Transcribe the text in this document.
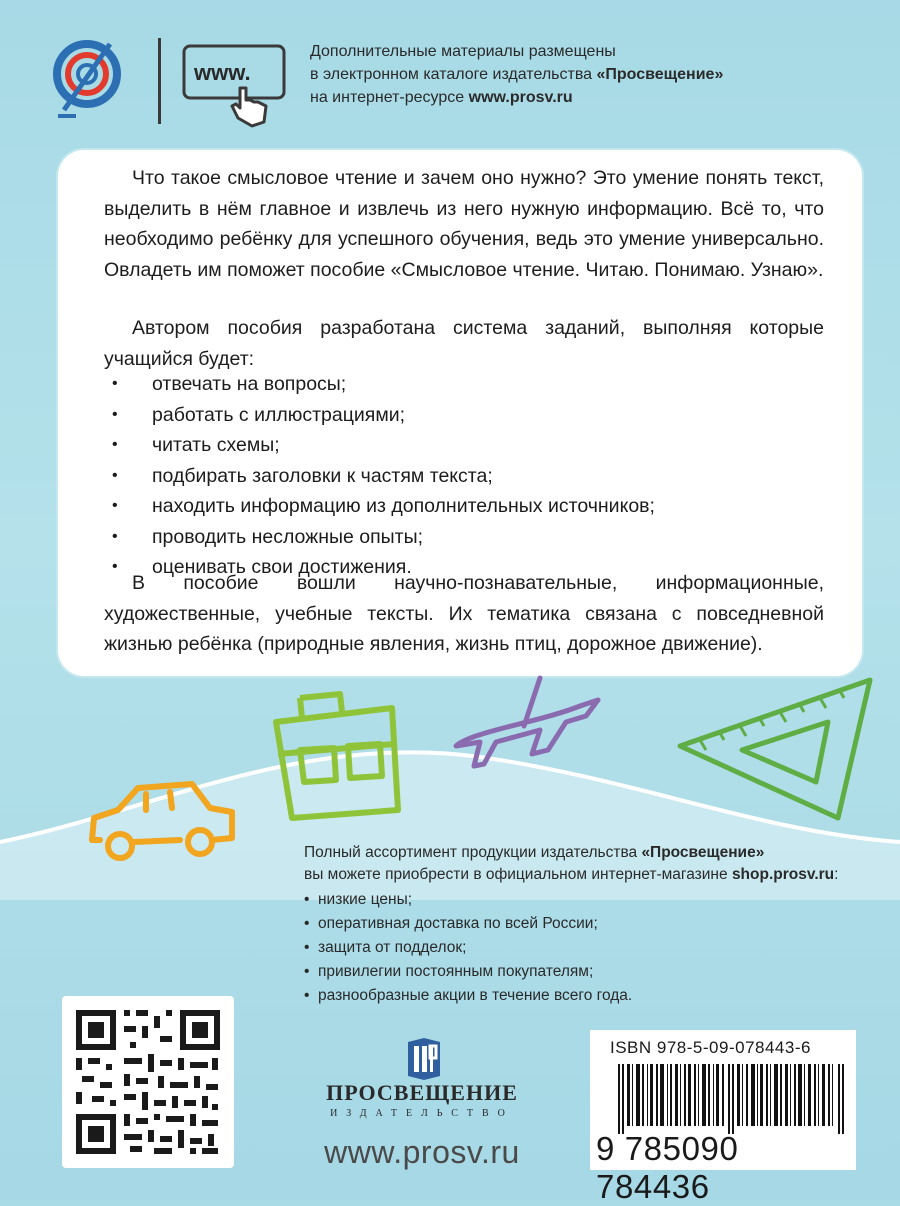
www.
Дополнительные материалы размещены
в электронном каталоге издательства «Просвещение»
на интернет-ресурсе www.prosv.ru
Что такое смысловое чтение и зачем оно нужно? Это умение понять текст, выделить в нём главное и извлечь из него нужную информацию. Всё то, что необходимо ребёнку для успешного обучения, ведь это умение универсально. Овладеть им поможет пособие «Смысловое чтение. Читаю. Понимаю. Узнаю».
Автором пособия разработана система заданий, выполняя которые учащийся будет:
• отвечать на вопросы;
• работать с иллюстрациями;
• читать схемы;
• подбирать заголовки к частям текста;
• находить информацию из дополнительных источников;
• проводить несложные опыты;
• оценивать свои достижения.
В пособие вошли научно-познавательные, информационные, художественные, учебные тексты. Их тематика связана с повседневной жизнью ребёнка (природные явления, жизнь птиц, дорожное движение).
Полный ассортимент продукции издательства «Просвещение»
вы можете приобрести в официальном интернет-магазине shop.prosv.ru:
• низкие цены;
• оперативная доставка по всей России;
• защита от подделок;
• привилегии постоянным покупателям;
• разнообразные акции в течение всего года.
ПРОСВЕЩЕНИЕ
ИЗДАТЕЛЬСТВО
www.prosv.ru
ISBN 978-5-09-078443-6
9 785090 784436
